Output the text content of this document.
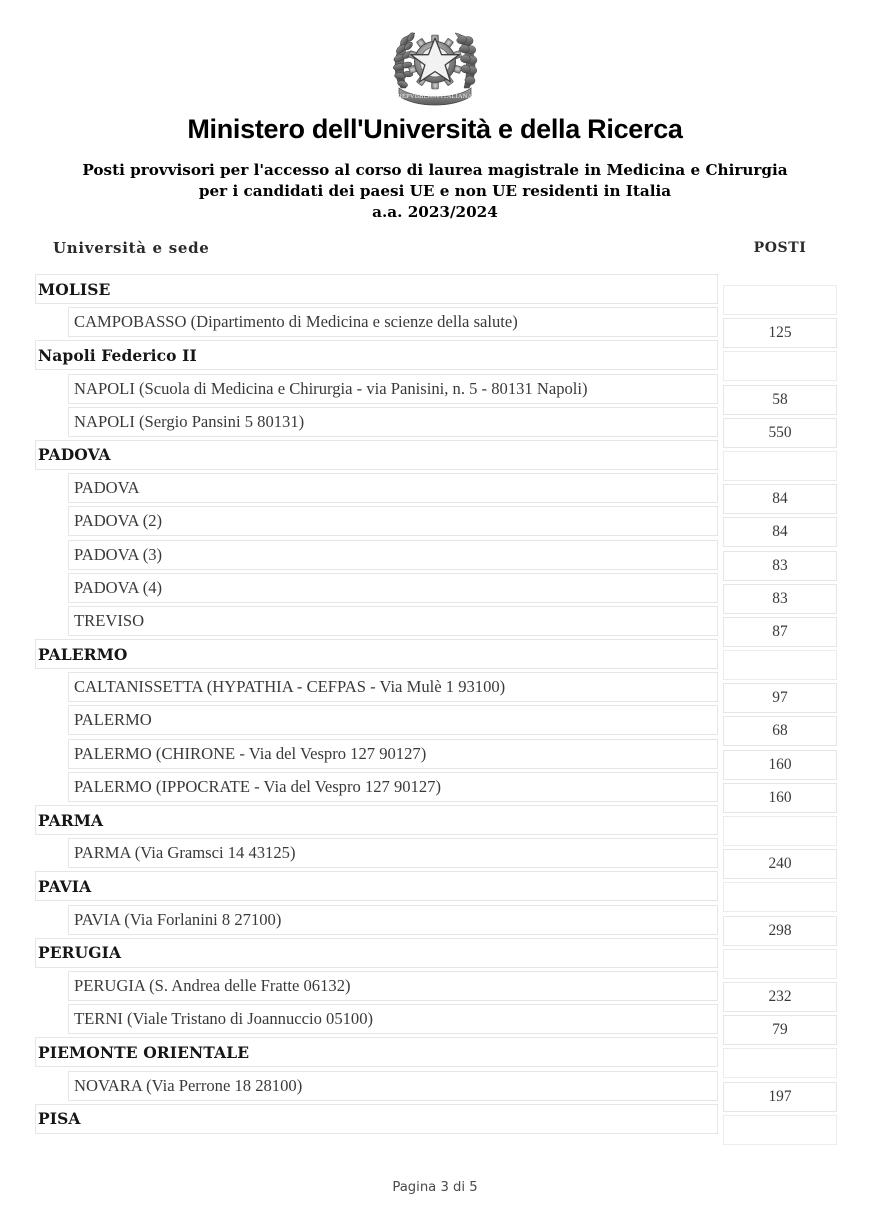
REPVBBLICA ITALIANA
Ministero dell'Università e della Ricerca
Posti provvisori per l'accesso al corso di laurea magistrale in Medicina e Chirurgia
per i candidati dei paesi UE e non UE residenti in Italia
a.a. 2023/2024
Università e sede	POSTI
MOLISE
CAMPOBASSO (Dipartimento di Medicina e scienze della salute)
125
Napoli Federico II
NAPOLI (Scuola di Medicina e Chirurgia - via Panisini, n. 5 - 80131 Napoli)
58
NAPOLI (Sergio Pansini 5 80131)
550
PADOVA
PADOVA
84
PADOVA (2)
84
PADOVA (3)
83
PADOVA (4)
83
TREVISO
87
PALERMO
CALTANISSETTA (HYPATHIA - CEFPAS - Via Mulè 1 93100)
97
PALERMO
68
PALERMO (CHIRONE - Via del Vespro 127 90127)
160
PALERMO (IPPOCRATE - Via del Vespro 127 90127)
160
PARMA
PARMA (Via Gramsci 14 43125)
240
PAVIA
PAVIA (Via Forlanini 8 27100)
298
PERUGIA
PERUGIA (S. Andrea delle Fratte 06132)
232
TERNI (Viale Tristano di Joannuccio 05100)
79
PIEMONTE ORIENTALE
NOVARA (Via Perrone 18 28100)
197
PISA
Pagina 3 di 5
